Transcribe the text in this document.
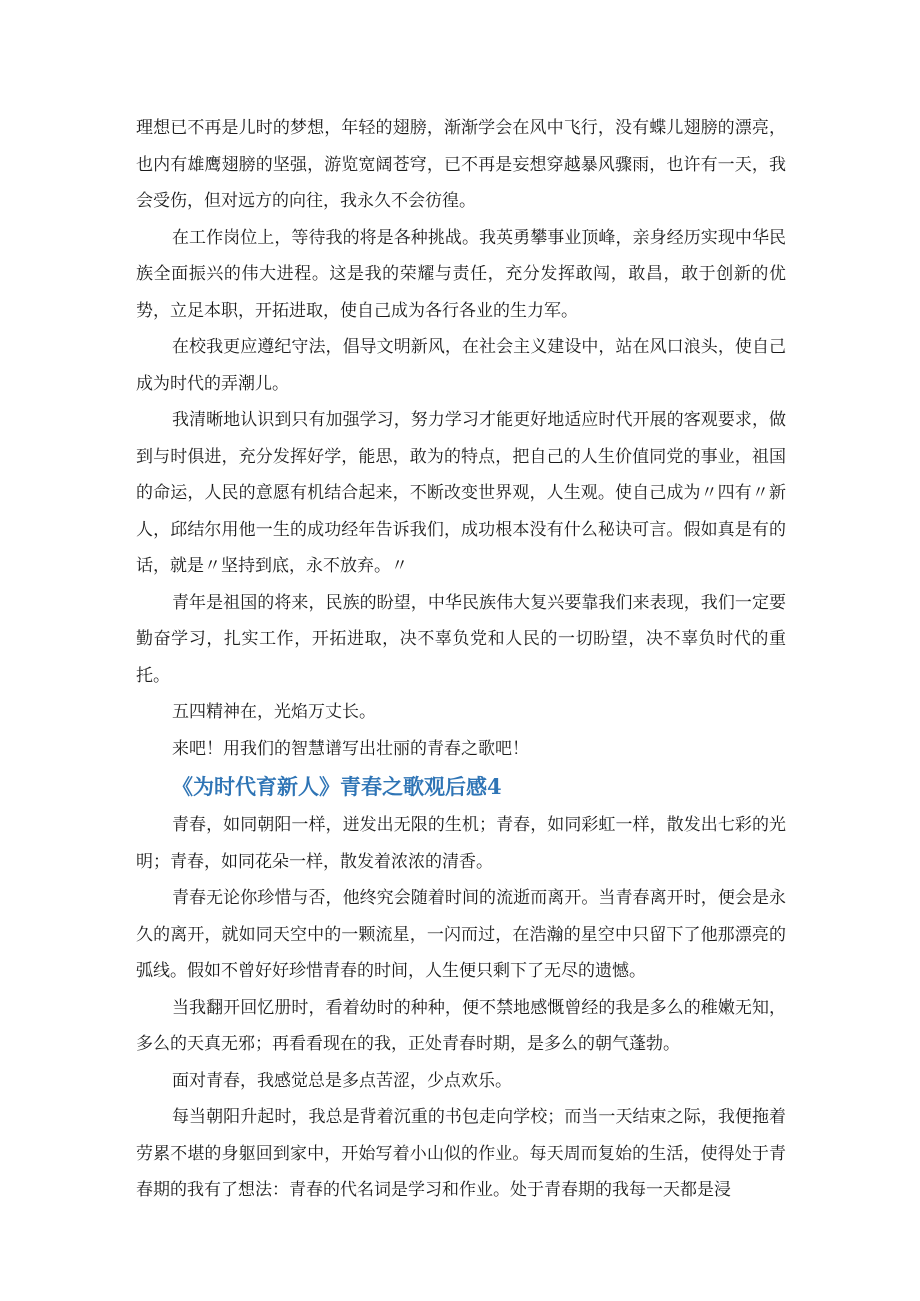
理想已不再是儿时的梦想，年轻的翅膀，渐渐学会在风中飞行，没有蝶儿翅膀的漂亮，也内有雄鹰翅膀的坚强，游览宽阔苍穹，已不再是妄想穿越暴风骤雨，也许有一天，我会受伤，但对远方的向往，我永久不会彷徨。

在工作岗位上，等待我的将是各种挑战。我英勇攀事业顶峰，亲身经历实现中华民族全面振兴的伟大进程。这是我的荣耀与责任，充分发挥敢闯，敢昌，敢于创新的优势，立足本职，开拓进取，使自己成为各行各业的生力军。

在校我更应遵纪守法，倡导文明新风，在社会主义建设中，站在风口浪头，使自己成为时代的弄潮儿。

我清晰地认识到只有加强学习，努力学习才能更好地适应时代开展的客观要求，做到与时俱进，充分发挥好学，能思，敢为的特点，把自己的人生价值同党的事业，祖国的命运，人民的意愿有机结合起来，不断改变世界观，人生观。使自己成为〃四有〃新人，邱结尔用他一生的成功经年告诉我们，成功根本没有什么秘诀可言。假如真是有的话，就是〃坚持到底，永不放弃。〃

青年是祖国的将来，民族的盼望，中华民族伟大复兴要靠我们来表现，我们一定要勤奋学习，扎实工作，开拓进取，决不辜负党和人民的一切盼望，决不辜负时代的重托。

五四精神在，光焰万丈长。

来吧！用我们的智慧谱写出壮丽的青春之歌吧！

《为时代育新人》青春之歌观后感4

青春，如同朝阳一样，迸发出无限的生机；青春，如同彩虹一样，散发出七彩的光明；青春，如同花朵一样，散发着浓浓的清香。

青春无论你珍惜与否，他终究会随着时间的流逝而离开。当青春离开时，便会是永久的离开，就如同天空中的一颗流星，一闪而过，在浩瀚的星空中只留下了他那漂亮的弧线。假如不曾好好珍惜青春的时间，人生便只剩下了无尽的遗憾。

当我翻开回忆册时，看着幼时的种种，便不禁地感慨曾经的我是多么的稚嫩无知，多么的天真无邪；再看看现在的我，正处青春时期，是多么的朝气蓬勃。

面对青春，我感觉总是多点苦涩，少点欢乐。

每当朝阳升起时，我总是背着沉重的书包走向学校；而当一天结束之际，我便拖着劳累不堪的身躯回到家中，开始写着小山似的作业。每天周而复始的生活，使得处于青春期的我有了想法：青春的代名词是学习和作业。处于青春期的我每一天都是浸
